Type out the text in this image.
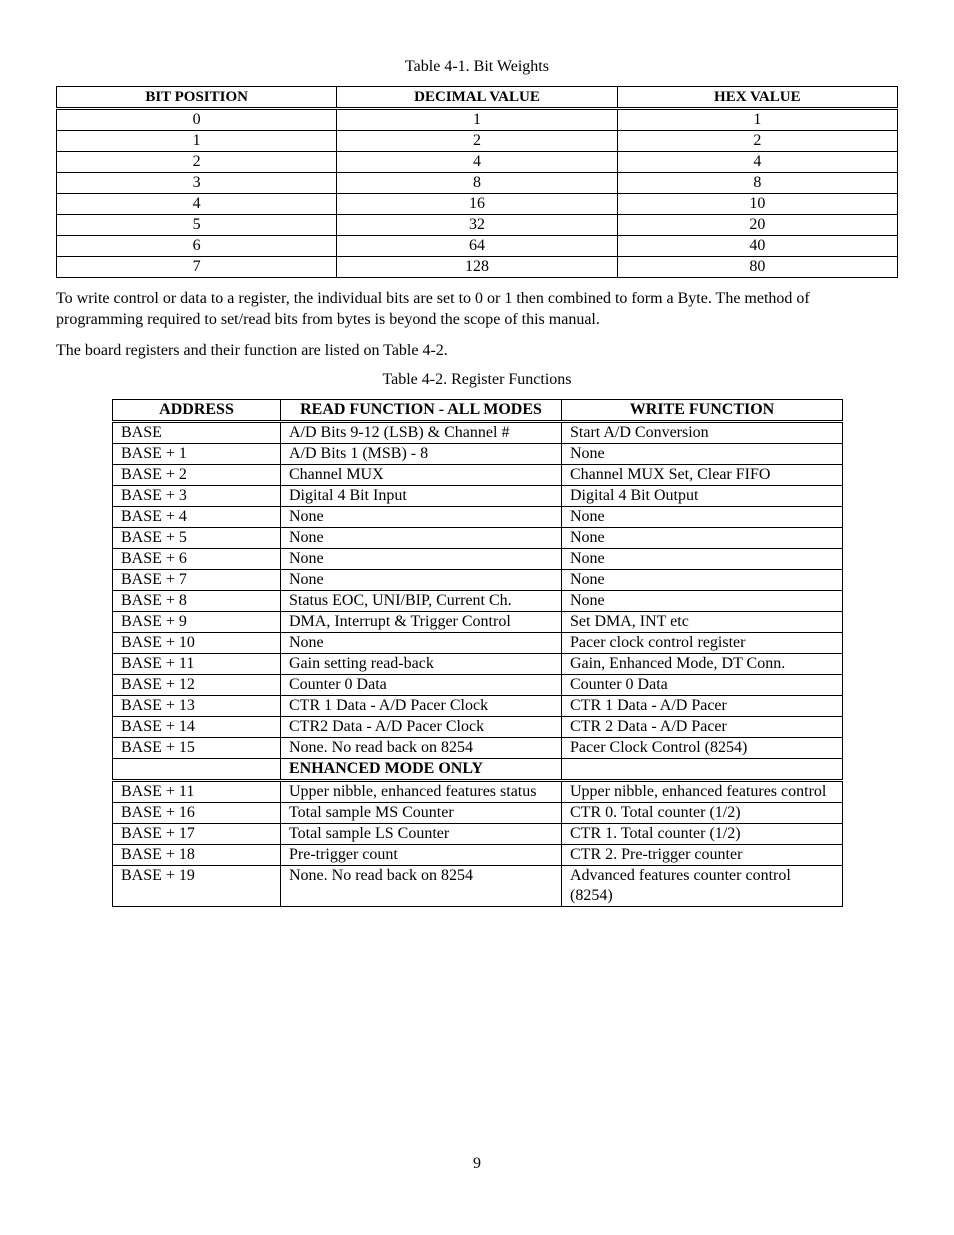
Table 4-1. Bit Weights
BIT POSITION	DECIMAL VALUE	HEX VALUE
0	1	1
1	2	2
2	4	4
3	8	8
4	16	10
5	32	20
6	64	40
7	128	80

To write control or data to a register, the individual bits are set to 0 or 1 then combined to form a Byte. The method of programming required to set/read bits from bytes is beyond the scope of this manual.

The board registers and their function are listed on Table 4-2.

Table 4-2. Register Functions
ADDRESS	READ FUNCTION - ALL MODES	WRITE FUNCTION
BASE	A/D Bits 9-12 (LSB) & Channel #	Start A/D Conversion
BASE + 1	A/D Bits 1 (MSB) - 8	None
BASE + 2	Channel MUX	Channel MUX Set, Clear FIFO
BASE + 3	Digital 4 Bit Input	Digital 4 Bit Output
BASE + 4	None	None
BASE + 5	None	None
BASE + 6	None	None
BASE + 7	None	None
BASE + 8	Status EOC, UNI/BIP, Current Ch.	None
BASE + 9	DMA, Interrupt & Trigger Control	Set DMA, INT etc
BASE + 10	None	Pacer clock control register
BASE + 11	Gain setting read-back	Gain, Enhanced Mode, DT Conn.
BASE + 12	Counter 0 Data	Counter 0 Data
BASE + 13	CTR 1 Data - A/D Pacer Clock	CTR 1 Data - A/D Pacer
BASE + 14	CTR2 Data - A/D Pacer Clock	CTR 2 Data - A/D Pacer
BASE + 15	None. No read back on 8254	Pacer Clock Control (8254)
	ENHANCED MODE ONLY	
BASE + 11	Upper nibble, enhanced features status	Upper nibble, enhanced features control
BASE + 16	Total sample MS Counter	CTR 0. Total counter (1/2)
BASE + 17	Total sample LS Counter	CTR 1. Total counter (1/2)
BASE + 18	Pre-trigger count	CTR 2. Pre-trigger counter
BASE + 19	None. No read back on 8254	Advanced features counter control (8254)
9
